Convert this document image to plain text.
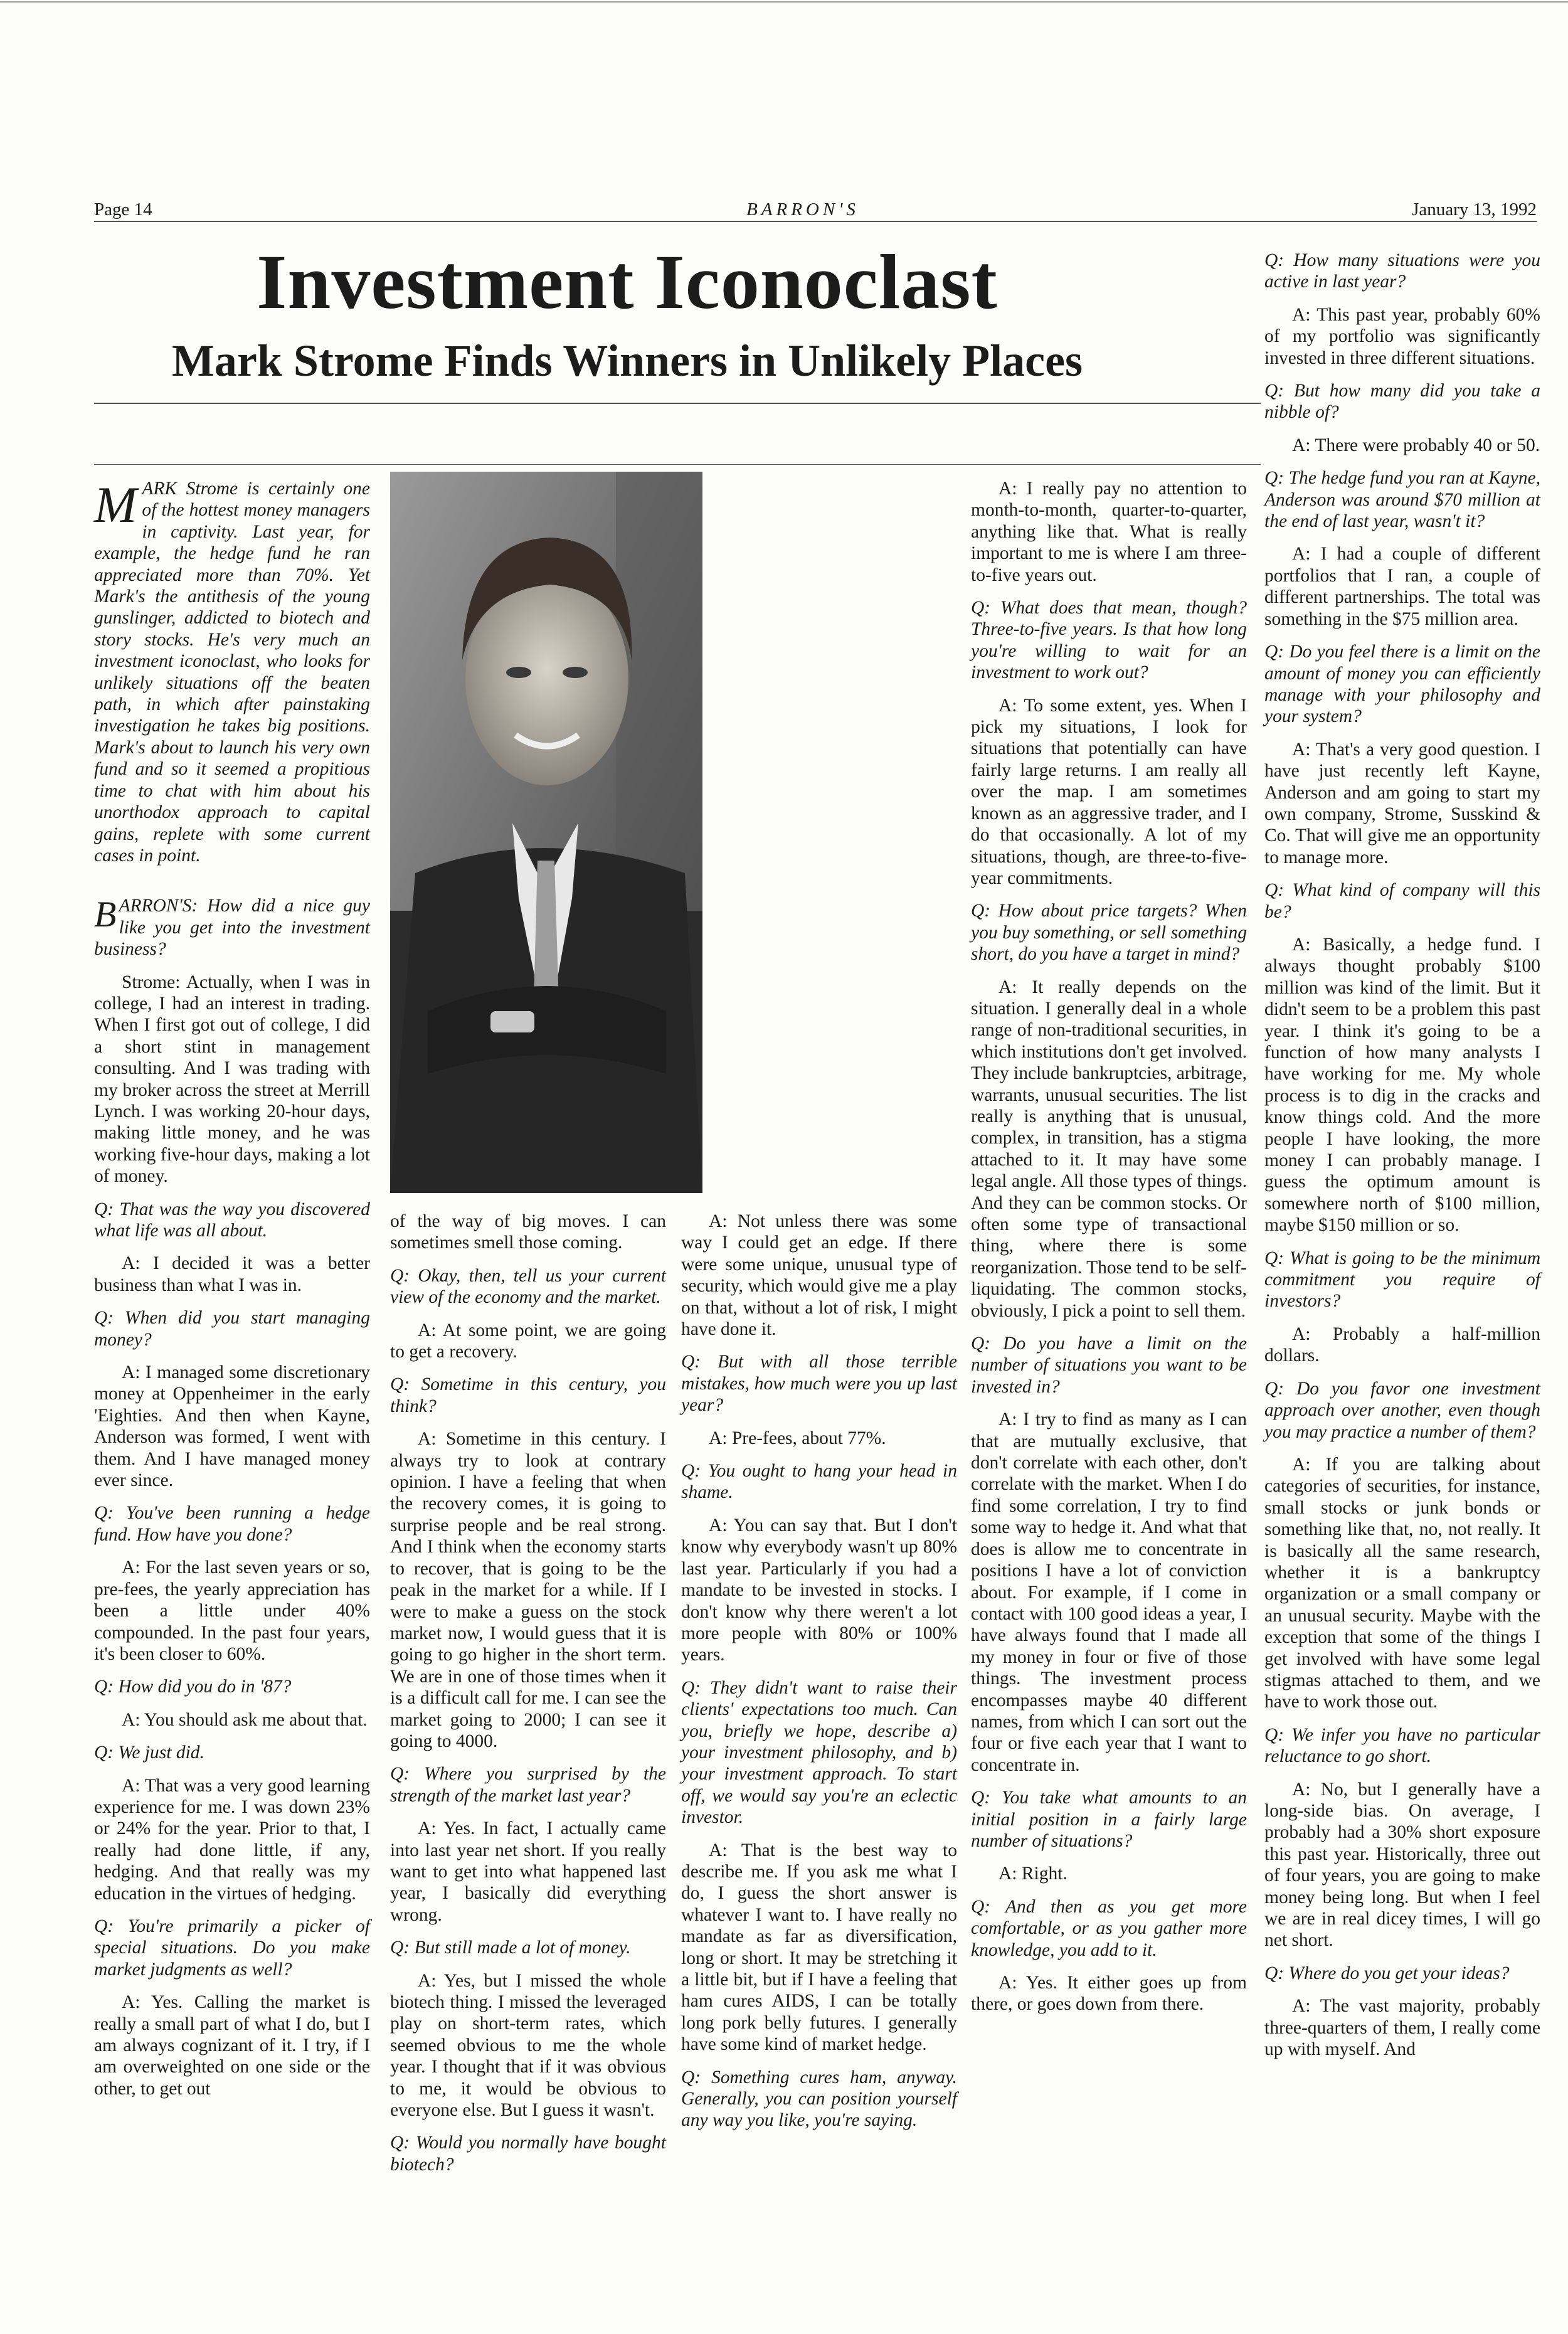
Page 14	BARRON'S	January 13, 1992
Investment Iconoclast
Mark Strome Finds Winners in Unlikely Places

MARK Strome is certainly one of the hottest money managers in captivity. Last year, for example, the hedge fund he ran appreciated more than 70%. Yet Mark's the antithesis of the young gunslinger, addicted to biotech and story stocks. He's very much an investment iconoclast, who looks for unlikely situations off the beaten path, in which after painstaking investigation he takes big positions. Mark's about to launch his very own fund and so it seemed a propitious time to chat with him about his unorthodox approach to capital gains, replete with some current cases in point.

BARRON'S: How did a nice guy like you get into the investment business?

Strome: Actually, when I was in college, I had an interest in trading. When I first got out of college, I did a short stint in management consulting. And I was trading with my broker across the street at Merrill Lynch. I was working 20-hour days, making little money, and he was working five-hour days, making a lot of money.

Q: That was the way you discovered what life was all about.

A: I decided it was a better business than what I was in.

Q: When did you start managing money?

A: I managed some discretionary money at Oppenheimer in the early 'Eighties. And then when Kayne, Anderson was formed, I went with them. And I have managed money ever since.

Q: You've been running a hedge fund. How have you done?

A: For the last seven years or so, pre-fees, the yearly appreciation has been a little under 40% compounded. In the past four years, it's been closer to 60%.

Q: How did you do in '87?

A: You should ask me about that.

Q: We just did.

A: That was a very good learning experience for me. I was down 23% or 24% for the year. Prior to that, I really had done little, if any, hedging. And that really was my education in the virtues of hedging.

Q: You're primarily a picker of special situations. Do you make market judgments as well?

A: Yes. Calling the market is really a small part of what I do, but I am always cognizant of it. I try, if I am overweighted on one side or the other, to get out

of the way of big moves. I can sometimes smell those coming.

Q: Okay, then, tell us your current view of the economy and the market.

A: At some point, we are going to get a recovery.

Q: Sometime in this century, you think?

A: Sometime in this century. I always try to look at contrary opinion. I have a feeling that when the recovery comes, it is going to surprise people and be real strong. And I think when the economy starts to recover, that is going to be the peak in the market for a while. If I were to make a guess on the stock market now, I would guess that it is going to go higher in the short term. We are in one of those times when it is a difficult call for me. I can see the market going to 2000; I can see it going to 4000.

Q: Where you surprised by the strength of the market last year?

A: Yes. In fact, I actually came into last year net short. If you really want to get into what happened last year, I basically did everything wrong.

Q: But still made a lot of money.

A: Yes, but I missed the whole biotech thing. I missed the leveraged play on short-term rates, which seemed obvious to me the whole year. I thought that if it was obvious to me, it would be obvious to everyone else. But I guess it wasn't.

Q: Would you normally have bought biotech?

A: Not unless there was some way I could get an edge. If there were some unique, unusual type of security, which would give me a play on that, without a lot of risk, I might have done it.

Q: But with all those terrible mistakes, how much were you up last year?

A: Pre-fees, about 77%.

Q: You ought to hang your head in shame.

A: You can say that. But I don't know why everybody wasn't up 80% last year. Particularly if you had a mandate to be invested in stocks. I don't know why there weren't a lot more people with 80% or 100% years.

Q: They didn't want to raise their clients' expectations too much. Can you, briefly we hope, describe a) your investment philosophy, and b) your investment approach. To start off, we would say you're an eclectic investor.

A: That is the best way to describe me. If you ask me what I do, I guess the short answer is whatever I want to. I have really no mandate as far as diversification, long or short. It may be stretching it a little bit, but if I have a feeling that ham cures AIDS, I can be totally long pork belly futures. I generally have some kind of market hedge.

Q: Something cures ham, anyway. Generally, you can position yourself any way you like, you're saying.

A: I really pay no attention to month-to-month, quarter-to-quarter, anything like that. What is really important to me is where I am three-to-five years out.

Q: What does that mean, though? Three-to-five years. Is that how long you're willing to wait for an investment to work out?

A: To some extent, yes. When I pick my situations, I look for situations that potentially can have fairly large returns. I am really all over the map. I am sometimes known as an aggressive trader, and I do that occasionally. A lot of my situations, though, are three-to-five-year commitments.

Q: How about price targets? When you buy something, or sell something short, do you have a target in mind?

A: It really depends on the situation. I generally deal in a whole range of non-traditional securities, in which institutions don't get involved. They include bankruptcies, arbitrage, warrants, unusual securities. The list really is anything that is unusual, complex, in transition, has a stigma attached to it. It may have some legal angle. All those types of things. And they can be common stocks. Or often some type of transactional thing, where there is some reorganization. Those tend to be self-liquidating. The common stocks, obviously, I pick a point to sell them.

Q: Do you have a limit on the number of situations you want to be invested in?

A: I try to find as many as I can that are mutually exclusive, that don't correlate with each other, don't correlate with the market. When I do find some correlation, I try to find some way to hedge it. And what that does is allow me to concentrate in positions I have a lot of conviction about. For example, if I come in contact with 100 good ideas a year, I have always found that I made all my money in four or five of those things. The investment process encompasses maybe 40 different names, from which I can sort out the four or five each year that I want to concentrate in.

Q: You take what amounts to an initial position in a fairly large number of situations?

A: Right.

Q: And then as you get more comfortable, or as you gather more knowledge, you add to it.

A: Yes. It either goes up from there, or goes down from there.

Q: How many situations were you active in last year?

A: This past year, probably 60% of my portfolio was significantly invested in three different situations.

Q: But how many did you take a nibble of?

A: There were probably 40 or 50.

Q: The hedge fund you ran at Kayne, Anderson was around $70 million at the end of last year, wasn't it?

A: I had a couple of different portfolios that I ran, a couple of different partnerships. The total was something in the $75 million area.

Q: Do you feel there is a limit on the amount of money you can efficiently manage with your philosophy and your system?

A: That's a very good question. I have just recently left Kayne, Anderson and am going to start my own company, Strome, Susskind & Co. That will give me an opportunity to manage more.

Q: What kind of company will this be?

A: Basically, a hedge fund. I always thought probably $100 million was kind of the limit. But it didn't seem to be a problem this past year. I think it's going to be a function of how many analysts I have working for me. My whole process is to dig in the cracks and know things cold. And the more people I have looking, the more money I can probably manage. I guess the optimum amount is somewhere north of $100 million, maybe $150 million or so.

Q: What is going to be the minimum commitment you require of investors?

A: Probably a half-million dollars.

Q: Do you favor one investment approach over another, even though you may practice a number of them?

A: If you are talking about categories of securities, for instance, small stocks or junk bonds or something like that, no, not really. It is basically all the same research, whether it is a bankruptcy organization or a small company or an unusual security. Maybe with the exception that some of the things I get involved with have some legal stigmas attached to them, and we have to work those out.

Q: We infer you have no particular reluctance to go short.

A: No, but I generally have a long-side bias. On average, I probably had a 30% short exposure this past year. Historically, three out of four years, you are going to make money being long. But when I feel we are in real dicey times, I will go net short.

Q: Where do you get your ideas?

A: The vast majority, probably three-quarters of them, I really come up with myself. And
